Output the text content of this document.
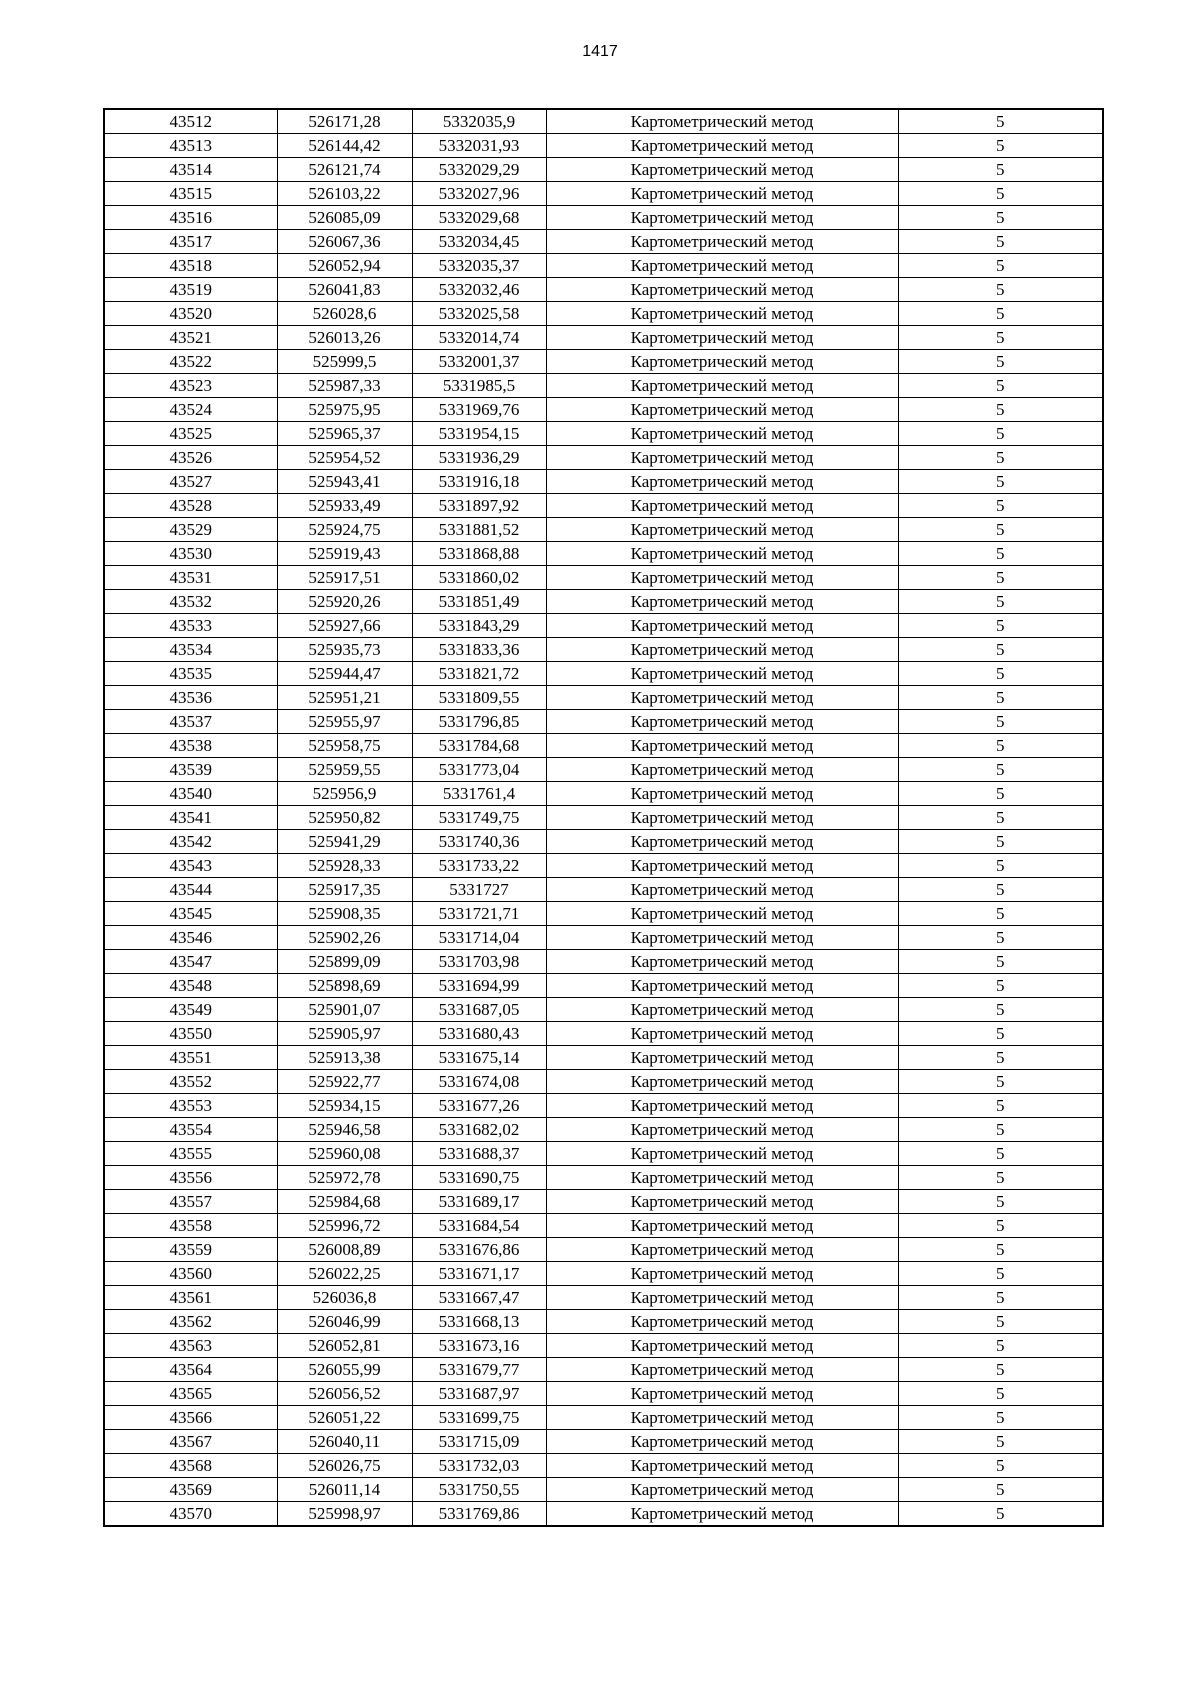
1417
43512	526171,28	5332035,9	Картометрический метод	5
43513	526144,42	5332031,93	Картометрический метод	5
43514	526121,74	5332029,29	Картометрический метод	5
43515	526103,22	5332027,96	Картометрический метод	5
43516	526085,09	5332029,68	Картометрический метод	5
43517	526067,36	5332034,45	Картометрический метод	5
43518	526052,94	5332035,37	Картометрический метод	5
43519	526041,83	5332032,46	Картометрический метод	5
43520	526028,6	5332025,58	Картометрический метод	5
43521	526013,26	5332014,74	Картометрический метод	5
43522	525999,5	5332001,37	Картометрический метод	5
43523	525987,33	5331985,5	Картометрический метод	5
43524	525975,95	5331969,76	Картометрический метод	5
43525	525965,37	5331954,15	Картометрический метод	5
43526	525954,52	5331936,29	Картометрический метод	5
43527	525943,41	5331916,18	Картометрический метод	5
43528	525933,49	5331897,92	Картометрический метод	5
43529	525924,75	5331881,52	Картометрический метод	5
43530	525919,43	5331868,88	Картометрический метод	5
43531	525917,51	5331860,02	Картометрический метод	5
43532	525920,26	5331851,49	Картометрический метод	5
43533	525927,66	5331843,29	Картометрический метод	5
43534	525935,73	5331833,36	Картометрический метод	5
43535	525944,47	5331821,72	Картометрический метод	5
43536	525951,21	5331809,55	Картометрический метод	5
43537	525955,97	5331796,85	Картометрический метод	5
43538	525958,75	5331784,68	Картометрический метод	5
43539	525959,55	5331773,04	Картометрический метод	5
43540	525956,9	5331761,4	Картометрический метод	5
43541	525950,82	5331749,75	Картометрический метод	5
43542	525941,29	5331740,36	Картометрический метод	5
43543	525928,33	5331733,22	Картометрический метод	5
43544	525917,35	5331727	Картометрический метод	5
43545	525908,35	5331721,71	Картометрический метод	5
43546	525902,26	5331714,04	Картометрический метод	5
43547	525899,09	5331703,98	Картометрический метод	5
43548	525898,69	5331694,99	Картометрический метод	5
43549	525901,07	5331687,05	Картометрический метод	5
43550	525905,97	5331680,43	Картометрический метод	5
43551	525913,38	5331675,14	Картометрический метод	5
43552	525922,77	5331674,08	Картометрический метод	5
43553	525934,15	5331677,26	Картометрический метод	5
43554	525946,58	5331682,02	Картометрический метод	5
43555	525960,08	5331688,37	Картометрический метод	5
43556	525972,78	5331690,75	Картометрический метод	5
43557	525984,68	5331689,17	Картометрический метод	5
43558	525996,72	5331684,54	Картометрический метод	5
43559	526008,89	5331676,86	Картометрический метод	5
43560	526022,25	5331671,17	Картометрический метод	5
43561	526036,8	5331667,47	Картометрический метод	5
43562	526046,99	5331668,13	Картометрический метод	5
43563	526052,81	5331673,16	Картометрический метод	5
43564	526055,99	5331679,77	Картометрический метод	5
43565	526056,52	5331687,97	Картометрический метод	5
43566	526051,22	5331699,75	Картометрический метод	5
43567	526040,11	5331715,09	Картометрический метод	5
43568	526026,75	5331732,03	Картометрический метод	5
43569	526011,14	5331750,55	Картометрический метод	5
43570	525998,97	5331769,86	Картометрический метод	5
